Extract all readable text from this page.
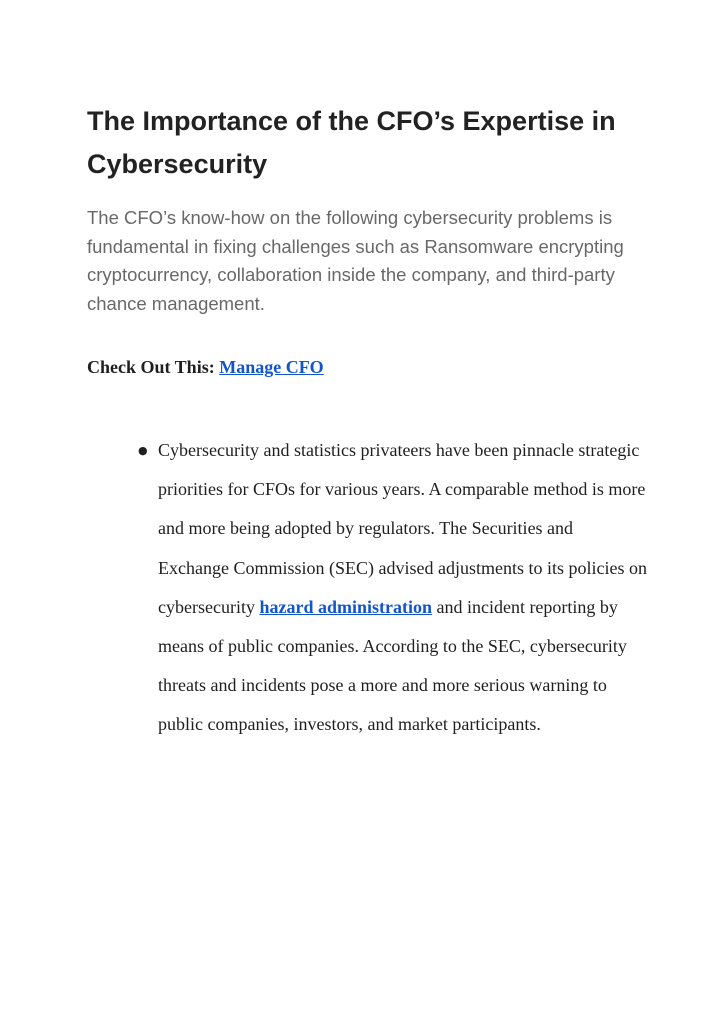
The Importance of the CFO’s Expertise in Cybersecurity

The CFO’s know-how on the following cybersecurity problems is fundamental in fixing challenges such as Ransomware encrypting cryptocurrency, collaboration inside the company, and third-party chance management.

Check Out This: Manage CFO

● Cybersecurity and statistics privateers have been pinnacle strategic priorities for CFOs for various years. A comparable method is more and more being adopted by regulators. The Securities and Exchange Commission (SEC) advised adjustments to its policies on cybersecurity hazard administration and incident reporting by means of public companies. According to the SEC, cybersecurity threats and incidents pose a more and more serious warning to public companies, investors, and market participants.
